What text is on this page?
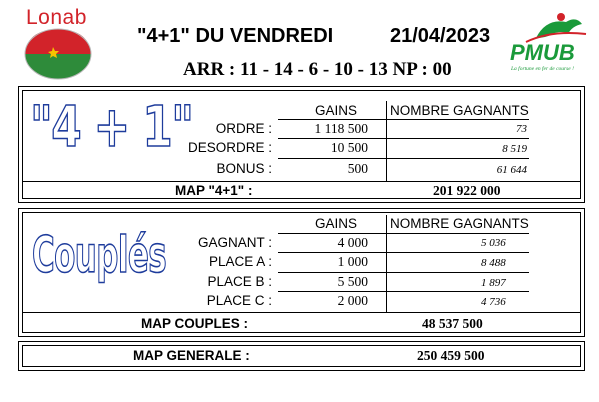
Lonab
"4+1" DU VENDREDI	21/04/2023
ARR : 11 - 14 - 6 - 10 - 13 NP : 00
PMUB
La fortune en fer de course !
"4 + 1"	GAINS	NOMBRE GAGNANTS
ORDRE :	1 118 500	73
DESORDRE :	10 500	8 519
BONUS :	500	61 644
MAP "4+1" :	201 922 000
Couplés
GAINS	NOMBRE GAGNANTS
GAGNANT :	4 000	5 036
PLACE A :	1 000	8 488
PLACE B :	5 500	1 897
PLACE C :	2 000	4 736
MAP COUPLES :	48 537 500
MAP GENERALE :	250 459 500
